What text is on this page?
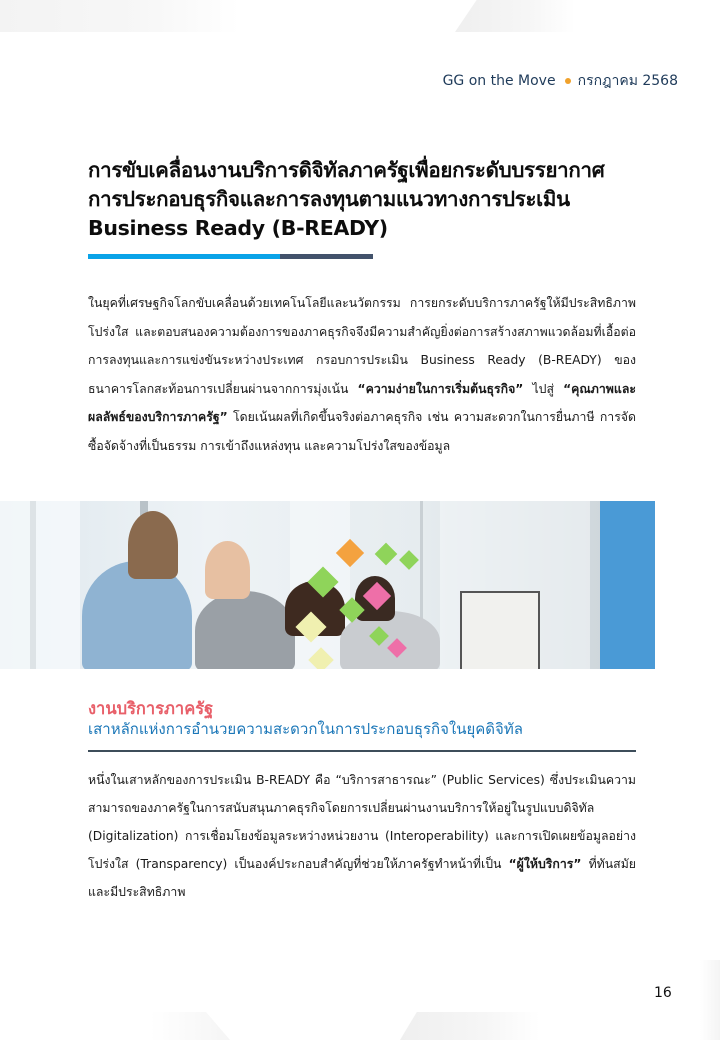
GG on the Move กรกฎาคม 2568
การขับเคลื่อนงานบริการดิจิทัลภาครัฐเพื่อยกระดับบรรยากาศ
การประกอบธุรกิจและการลงทุนตามแนวทางการประเมิน
Business Ready (B-READY)

ในยุคที่เศรษฐกิจโลกขับเคลื่อนด้วยเทคโนโลยีและนวัตกรรม การยกระดับบริการภาครัฐให้มีประสิทธิภาพ โปร่งใส และตอบสนองความต้องการของภาคธุรกิจจึงมีความสำคัญยิ่งต่อการสร้างสภาพแวดล้อมที่เอื้อต่อการลงทุนและการแข่งขันระหว่างประเทศ กรอบการประเมิน Business Ready (B-READY) ของธนาคารโลกสะท้อนการเปลี่ยนผ่านจากการมุ่งเน้น “ความง่ายในการเริ่มต้นธุรกิจ” ไปสู่ “คุณภาพและผลลัพธ์ของบริการภาครัฐ” โดยเน้นผลที่เกิดขึ้นจริงต่อภาคธุรกิจ เช่น ความสะดวกในการยื่นภาษี การจัดซื้อจัดจ้างที่เป็นธรรม การเข้าถึงแหล่งทุน และความโปร่งใสของข้อมูล

งานบริการภาครัฐ
เสาหลักแห่งการอำนวยความสะดวกในการประกอบธุรกิจในยุคดิจิทัล

หนึ่งในเสาหลักของการประเมิน B-READY คือ “บริการสาธารณะ” (Public Services) ซึ่งประเมินความสามารถของภาครัฐในการสนับสนุนภาคธุรกิจโดยการเปลี่ยนผ่านงานบริการให้อยู่ในรูปแบบดิจิทัล (Digitalization) การเชื่อมโยงข้อมูลระหว่างหน่วยงาน (Interoperability) และการเปิดเผยข้อมูลอย่างโปร่งใส (Transparency) เป็นองค์ประกอบสำคัญที่ช่วยให้ภาครัฐทำหน้าที่เป็น “ผู้ให้บริการ” ที่ทันสมัยและมีประสิทธิภาพ

16
